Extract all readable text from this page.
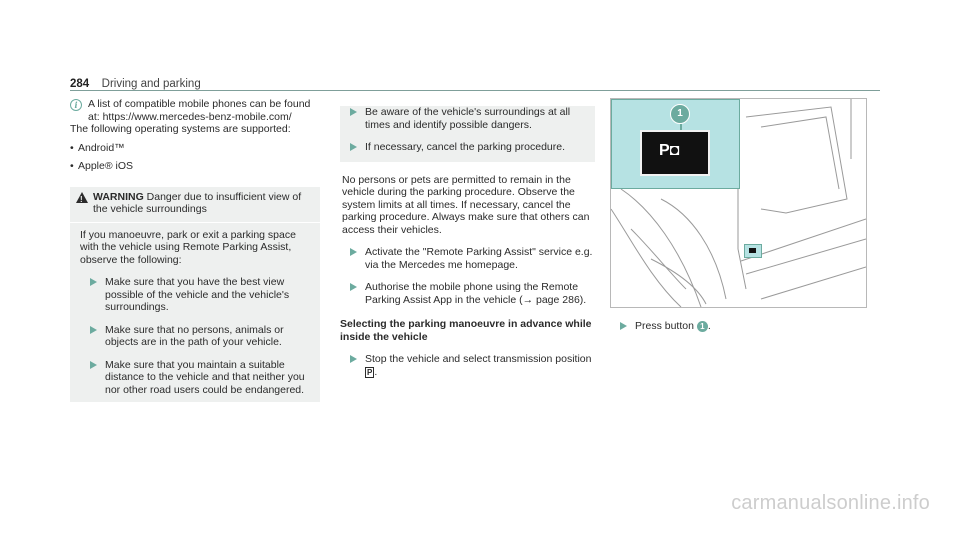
284 Driving and parking
i A list of compatible mobile phones can be found at: https://www.mercedes-benz-mobile.com/
The following operating systems are supported:
• Android™
• Apple® iOS
!
WARNING Danger due to insufficient view of the vehicle surroundings
If you manoeuvre, park or exit a parking space with the vehicle using Remote Parking Assist, observe the following:
Make sure that you have the best view possible of the vehicle and the vehicle's surroundings.
Make sure that no persons, animals or objects are in the path of your vehicle.
Make sure that you maintain a suitable distance to the vehicle and that neither you nor other road users could be endangered.
Be aware of the vehicle's surroundings at all times and identify possible dangers.
If necessary, cancel the parking procedure.
No persons or pets are permitted to remain in the vehicle during the parking procedure. Observe the system limits at all times. If necessary, cancel the parking procedure. Always make sure that others can access their vehicles.
Activate the "Remote Parking Assist" service e.g. via the Mercedes me homepage.
Authorise the mobile phone using the Remote Parking Assist App in the vehicle (→ page 286).
Selecting the parking manoeuvre in advance while inside the vehicle
Stop the vehicle and select transmission position P .
1
P◘
Press button 1 .
carmanualsonline.info
